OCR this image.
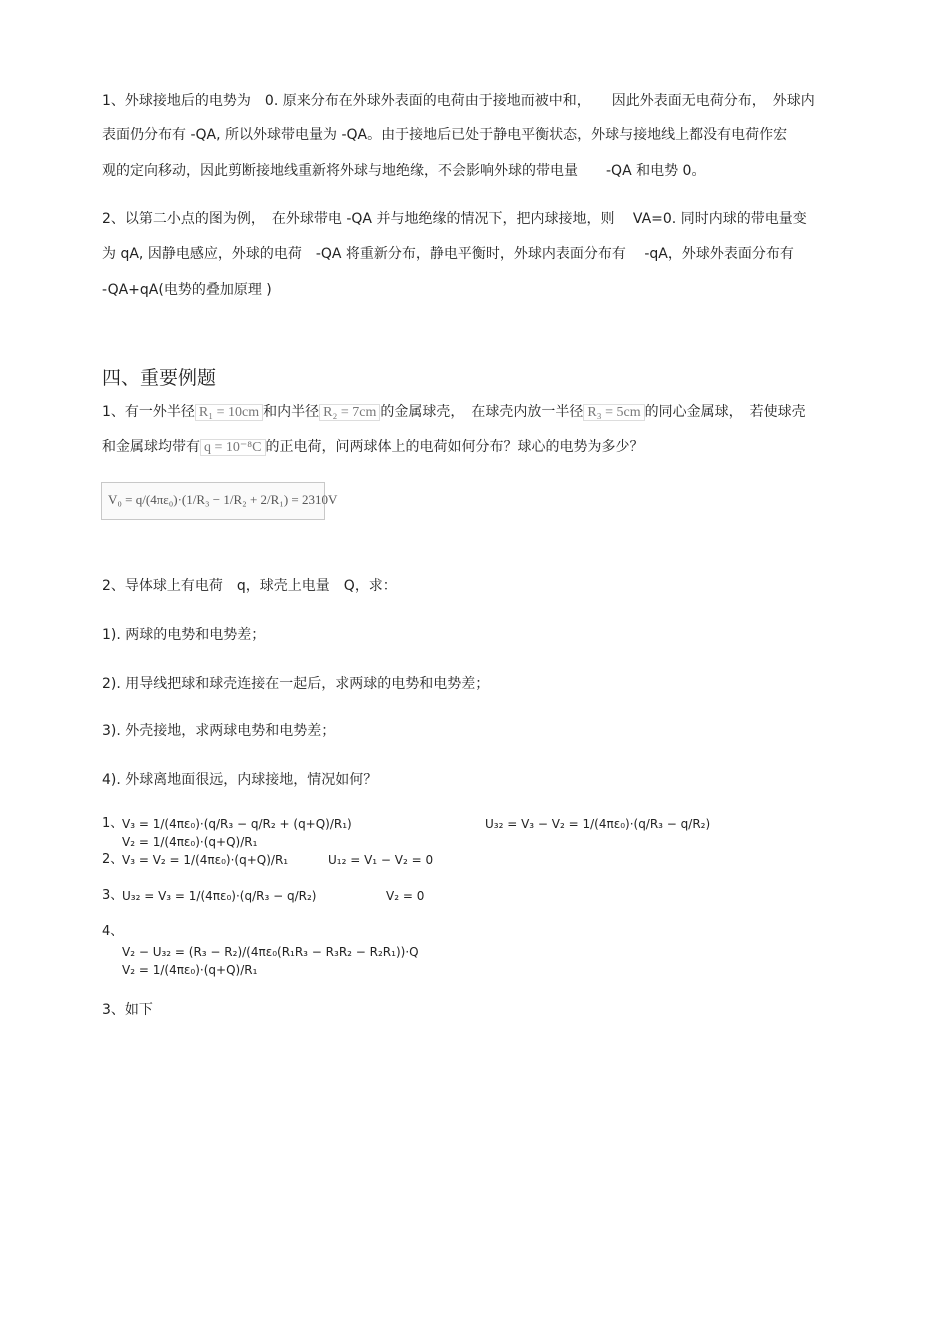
1、外球接地后的电势为　0. 原来分布在外球外表面的电荷由于接地而被中和，　　因此外表面无电荷分布，　外球内
表面仍分布有 -QA, 所以外球带电量为 -QA。由于接地后已处于静电平衡状态，外球与接地线上都没有电荷作宏
观的定向移动，因此剪断接地线重新将外球与地绝缘，不会影响外球的带电量　　-QA 和电势 0。
2、以第二小点的图为例，　在外球带电 -QA 并与地绝缘的情况下，把内球接地，则　 VA=0. 同时内球的带电量变
为 qA, 因静电感应，外球的电荷　-QA 将重新分布，静电平衡时，外球内表面分布有　 -qA，外球外表面分布有
-QA+qA(电势的叠加原理 )
四、重要例题
1、有一外半径 R₁ = 10cm 和内半径 R₂ = 7cm 的金属球壳，　在球壳内放一半径 R₃ = 5cm 的同心金属球，　若使球壳
和金属球均带有 q = 10⁻⁸C 的正电荷，问两球体上的电荷如何分布？球心的电势为多少？
V₀ = q/(4πε₀)·(1/R₃ − 1/R₂ + 2/R₁) = 2310V
2、导体球上有电荷　q，球壳上电量　Q，求：
1). 两球的电势和电势差；
2). 用导线把球和球壳连接在一起后，求两球的电势和电势差；
3). 外壳接地，求两球电势和电势差；
4). 外球离地面很远，内球接地，情况如何？
1、
V₃ = 1/(4πε₀)·(q/R₃ − q/R₂ + (q+Q)/R₁)
V₂ = 1/(4πε₀)·(q+Q)/R₁
U₃₂ = V₃ − V₂ = 1/(4πε₀)·(q/R₃ − q/R₂)
2、
V₃ = V₂ = 1/(4πε₀)·(q+Q)/R₁	U₁₂ = V₁ − V₂ = 0
3、
U₃₂ = V₃ = 1/(4πε₀)·(q/R₃ − q/R₂)	V₂ = 0
4、
V₂ − U₃₂ = (R₃ − R₂)/(4πε₀(R₁R₃ − R₃R₂ − R₂R₁))·Q
V₂ = 1/(4πε₀)·(q+Q)/R₁
3、如下
